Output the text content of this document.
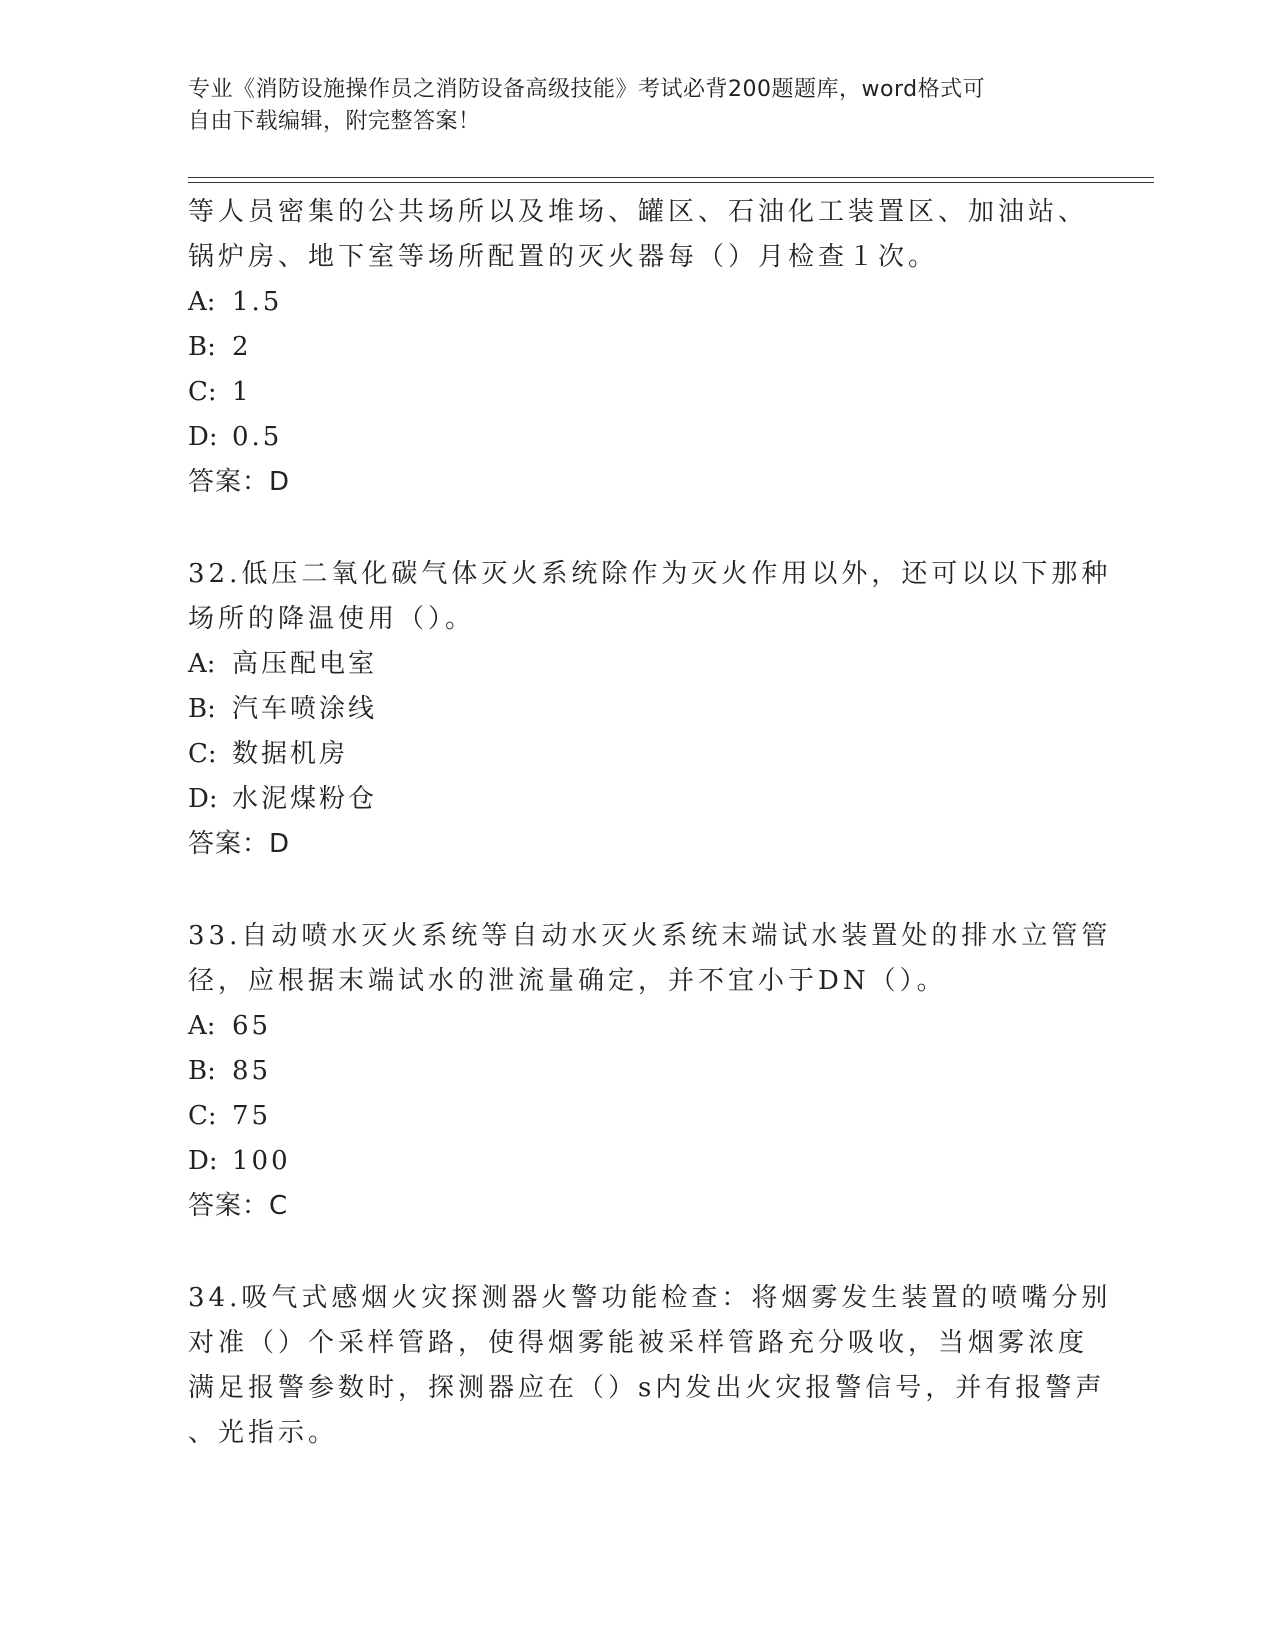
专业《消防设施操作员之消防设备高级技能》考试必背200题题库，word格式可
自由下载编辑，附完整答案！
等人员密集的公共场所以及堆场、罐区、石油化工装置区、加油站、
锅炉房、地下室等场所配置的灭火器每（）月检查１次。
A: 1.5
B: 2
C: 1
D: 0.5
答案：D
32.低压二氧化碳气体灭火系统除作为灭火作用以外，还可以以下那种
场所的降温使用（）。
A: 高压配电室
B: 汽车喷涂线
C: 数据机房
D: 水泥煤粉仓
答案：D
33.自动喷水灭火系统等自动水灭火系统末端试水装置处的排水立管管
径，应根据末端试水的泄流量确定，并不宜小于DN（）。
A: 65
B: 85
C: 75
D: 100
答案：C
34.吸气式感烟火灾探测器火警功能检查：将烟雾发生装置的喷嘴分别
对准（）个采样管路，使得烟雾能被采样管路充分吸收，当烟雾浓度
满足报警参数时，探测器应在（）s内发出火灾报警信号，并有报警声
、光指示。
